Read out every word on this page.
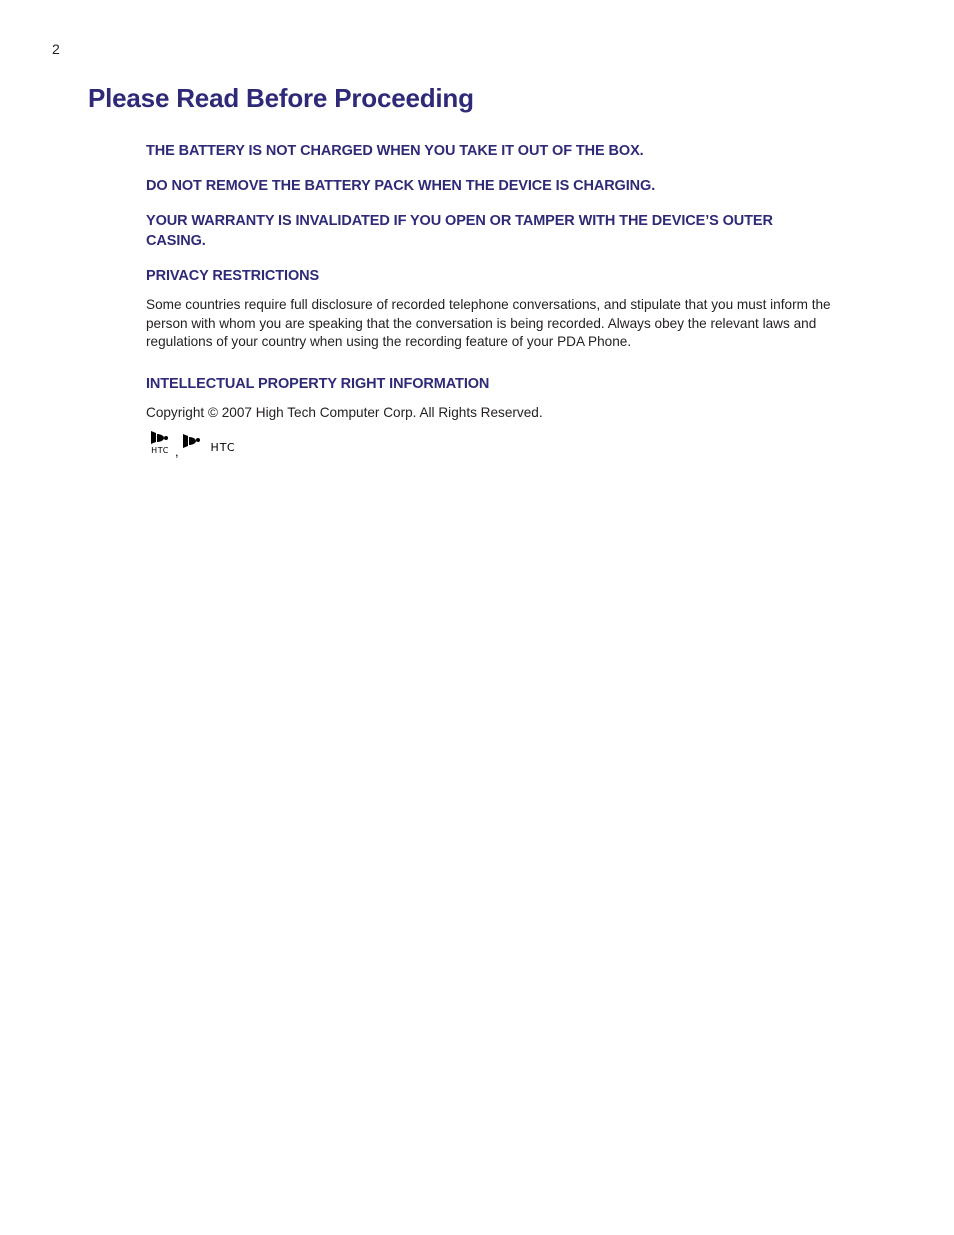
2
Please Read Before Proceeding

THE BATTERY IS NOT CHARGED WHEN YOU TAKE IT OUT OF THE BOX.

DO NOT REMOVE THE BATTERY PACK WHEN THE DEVICE IS CHARGING.

YOUR WARRANTY IS INVALIDATED IF YOU OPEN OR TAMPER WITH THE DEVICE’S OUTER CASING.

PRIVACY RESTRICTIONS

Some countries require full disclosure of recorded telephone conversations, and stipulate that you must inform the person with whom you are speaking that the conversation is being recorded. Always obey the relevant laws and regulations of your country when using the recording feature of your PDA Phone.

INTELLECTUAL PROPERTY RIGHT INFORMATION

Copyright © 2007 High Tech Computer Corp. All Rights Reserved.

HTC ,	HTC
